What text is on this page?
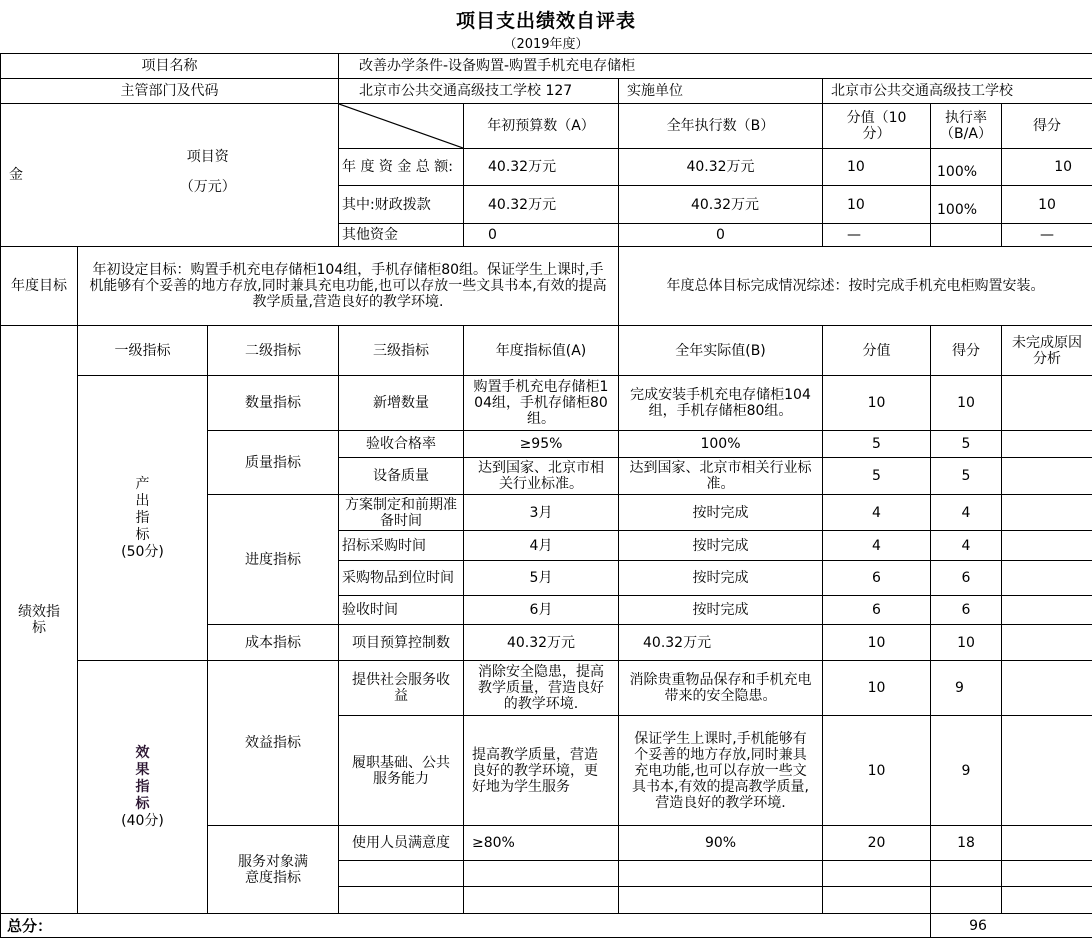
项目支出绩效自评表
（2019年度）
项目名称			改善办学条件-设备购置-购置手机充电存储柜					
主管部门及代码			北京市公共交通高级技工学校 127		实施单位	北京市公共交通高级技工学校		
金	项目资
（万元）			年初预算数（A）	全年执行数（B）	分值（10分）	执行率（B/A）	得分
			年 度 资 金 总 额:	40.32万元	40.32万元	10	100%	10
			其中:财政拨款	40.32万元	40.32万元	10	100%	10
			其他资金	0	0	—		—
年度目标	年初设定目标：购置手机充电存储柜104组，手机存储柜80组。保证学生上课时,手机能够有个妥善的地方存放,同时兼具充电功能,也可以存放一些文具书本,有效的提高教学质量,营造良好的教学环境.				年度总体目标完成情况综述：按时完成手机充电柜购置安装。			
绩效指标	一级指标	二级指标	三级指标	年度指标值(A)	全年实际值(B)	分值	得分	未完成原因分析
	产出指标
(50分)	数量指标	新增数量	购置手机充电存储柜104组，手机存储柜80组。	完成安装手机充电存储柜104组，手机存储柜80组。	10	10	
		质量指标	验收合格率	≥95%	100%	5	5	
			设备质量	达到国家、北京市相关行业标准。	达到国家、北京市相关行业标准。	5	5	
		进度指标	方案制定和前期准备时间	3月	按时完成	4	4	
			招标采购时间	4月	按时完成	4	4	
			采购物品到位时间	5月	按时完成	6	6	
			验收时间	6月	按时完成	6	6	
		成本指标	项目预算控制数	40.32万元	40.32万元	10	10	
	效果指标
(40分)	效益指标	提供社会服务收益	消除安全隐患，提高教学质量，营造良好的教学环境.	消除贵重物品保存和手机充电带来的安全隐患。	10	9	
			履职基础、公共服务能力	提高教学质量，营造良好的教学环境，更好地为学生服务	保证学生上课时,手机能够有个妥善的地方存放,同时兼具充电功能,也可以存放一些文具书本,有效的提高教学质量,营造良好的教学环境.	10	9	
		服务对象满意度指标	使用人员满意度	≥80%	90%	20	18	

总分：							96	
